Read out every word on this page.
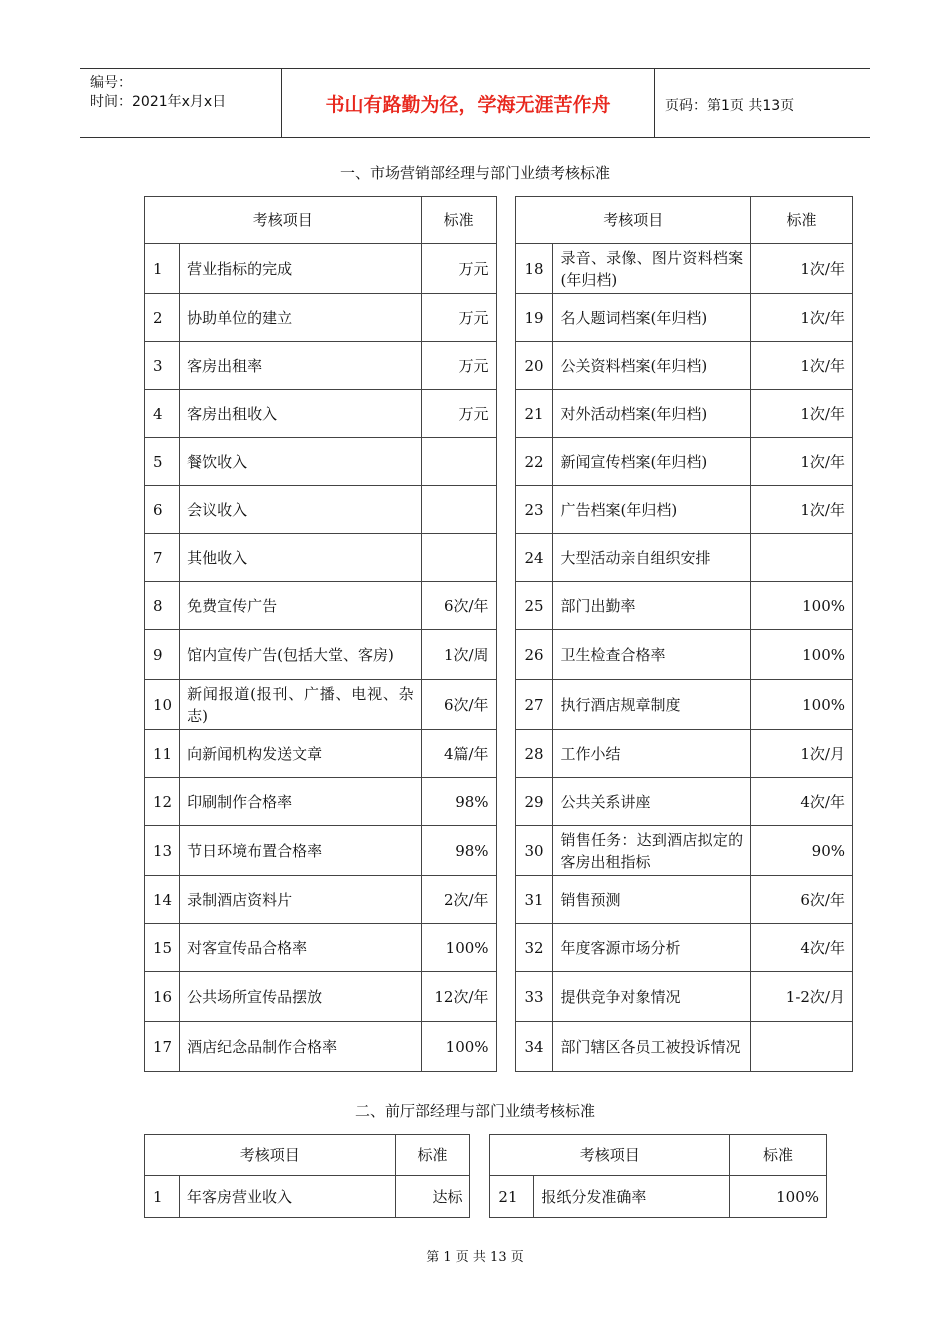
编号：
时间：2021年x月x日	书山有路勤为径，学海无涯苦作舟	页码：第1页 共13页
一、市场营销部经理与部门业绩考核标准
考核项目		标准		考核项目		标准
1	营业指标的完成	万元		18	录音、录像、图片资料档案(年归档)	1次/年
2	协助单位的建立	万元		19	名人题词档案(年归档)	1次/年
3	客房出租率	万元		20	公关资料档案(年归档)	1次/年
4	客房出租收入	万元		21	对外活动档案(年归档)	1次/年
5	餐饮收入			22	新闻宣传档案(年归档)	1次/年
6	会议收入			23	广告档案(年归档)	1次/年
7	其他收入			24	大型活动亲自组织安排	
8	免费宣传广告	6次/年		25	部门出勤率	100%
9	馆内宣传广告(包括大堂、客房)	1次/周		26	卫生检查合格率	100%
10	新闻报道(报刊、广播、电视、杂志)	6次/年		27	执行酒店规章制度	100%
11	向新闻机构发送文章	4篇/年		28	工作小结	1次/月
12	印刷制作合格率	98%		29	公共关系讲座	4次/年
13	节日环境布置合格率	98%		30	销售任务：达到酒店拟定的客房出租指标	90%
14	录制酒店资料片	2次/年		31	销售预测	6次/年
15	对客宣传品合格率	100%		32	年度客源市场分析	4次/年
16	公共场所宣传品摆放	12次/年		33	提供竞争对象情况	1-2次/月
17	酒店纪念品制作合格率	100%		34	部门辖区各员工被投诉情况	
二、前厅部经理与部门业绩考核标准
考核项目		标准		考核项目		标准
1	年客房营业收入	达标		21	报纸分发准确率	100%
第 1 页 共 13 页
